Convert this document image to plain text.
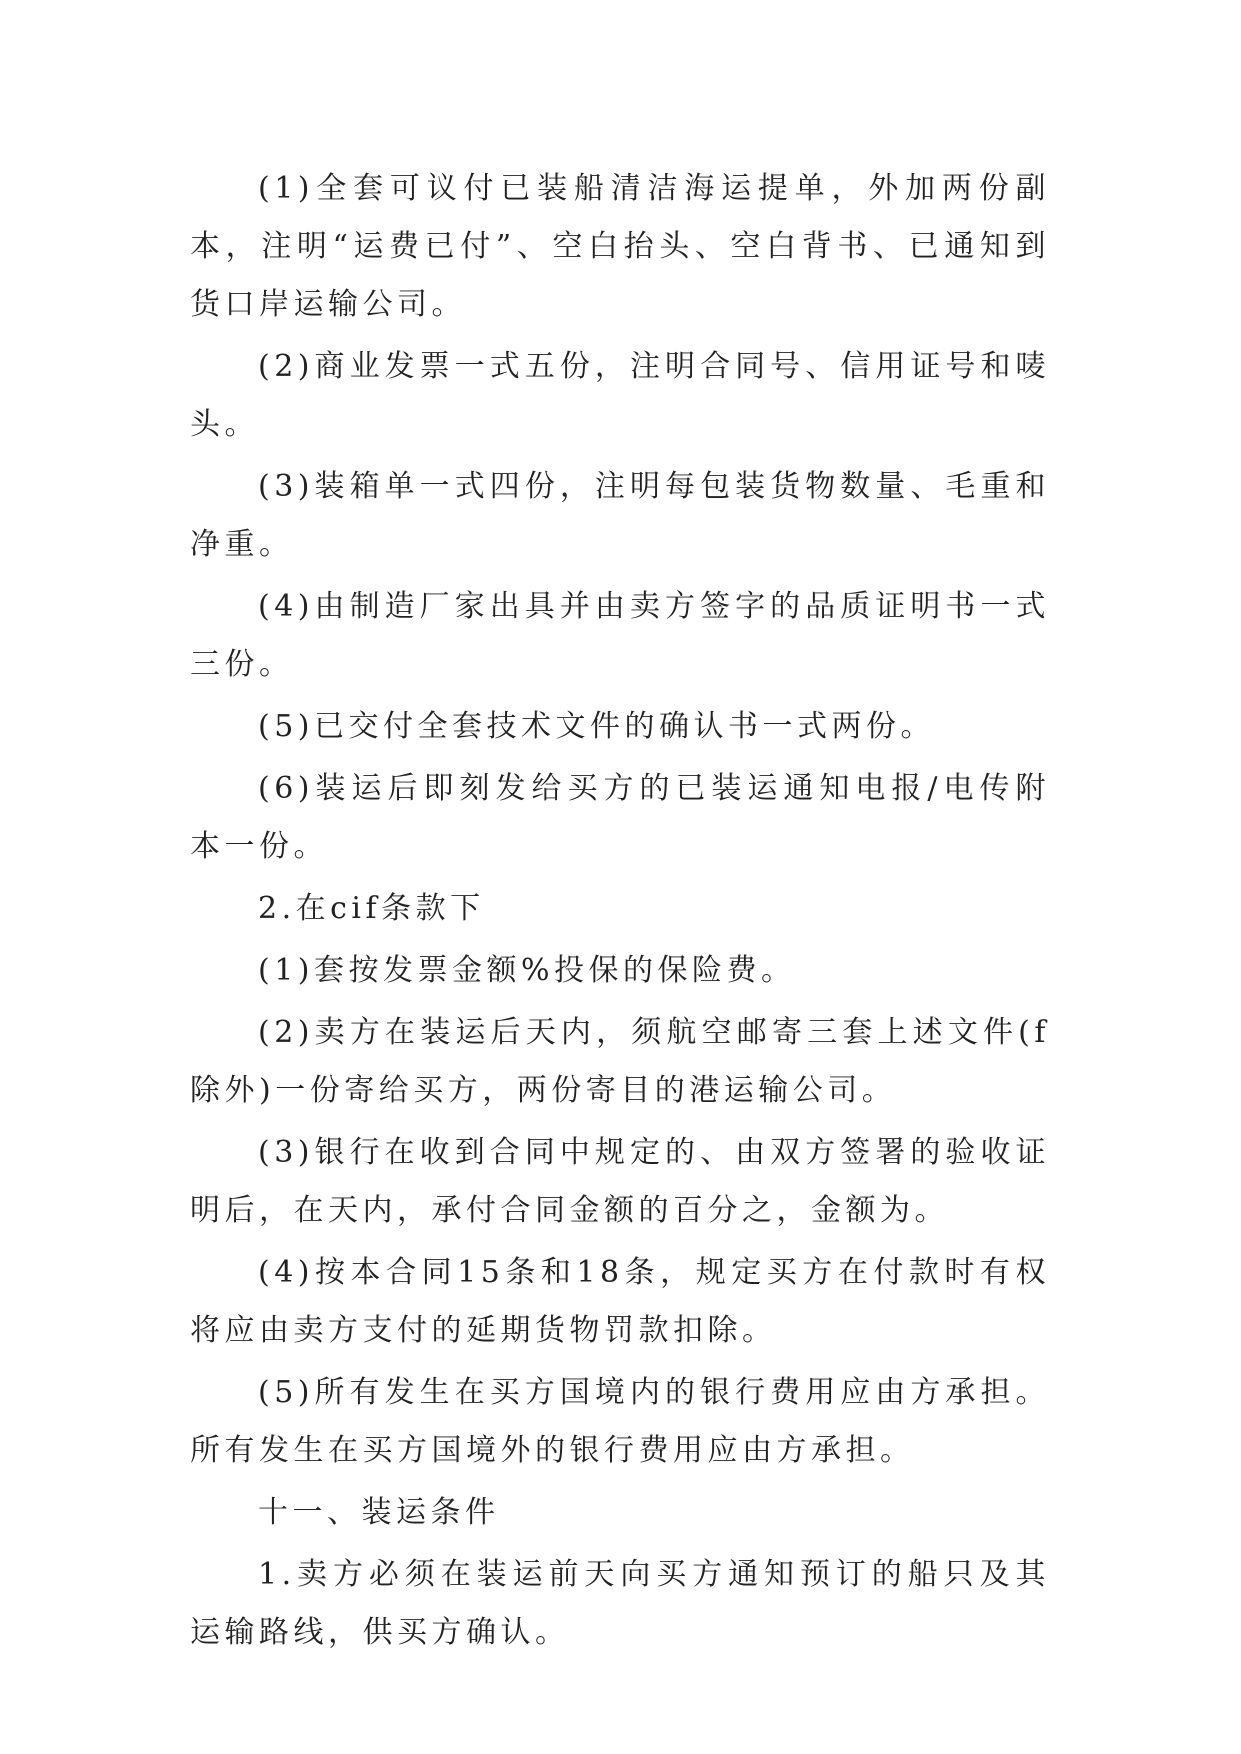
(1)全套可议付已装船清洁海运提单，外加两份副本，注明“运费已付”、空白抬头、空白背书、已通知到货口岸运输公司。

(2)商业发票一式五份，注明合同号、信用证号和唛头。

(3)装箱单一式四份，注明每包装货物数量、毛重和净重。

(4)由制造厂家出具并由卖方签字的品质证明书一式三份。

(5)已交付全套技术文件的确认书一式两份。

(6)装运后即刻发给买方的已装运通知电报/电传附本一份。

2.在cif条款下

(1)套按发票金额%投保的保险费。

(2)卖方在装运后天内，须航空邮寄三套上述文件(f除外)一份寄给买方，两份寄目的港运输公司。

(3)银行在收到合同中规定的、由双方签署的验收证明后，在天内，承付合同金额的百分之，金额为。

(4)按本合同15条和18条，规定买方在付款时有权将应由卖方支付的延期货物罚款扣除。

(5)所有发生在买方国境内的银行费用应由方承担。所有发生在买方国境外的银行费用应由方承担。

十一、装运条件

1.卖方必须在装运前天向买方通知预订的船只及其运输路线，供买方确认。
